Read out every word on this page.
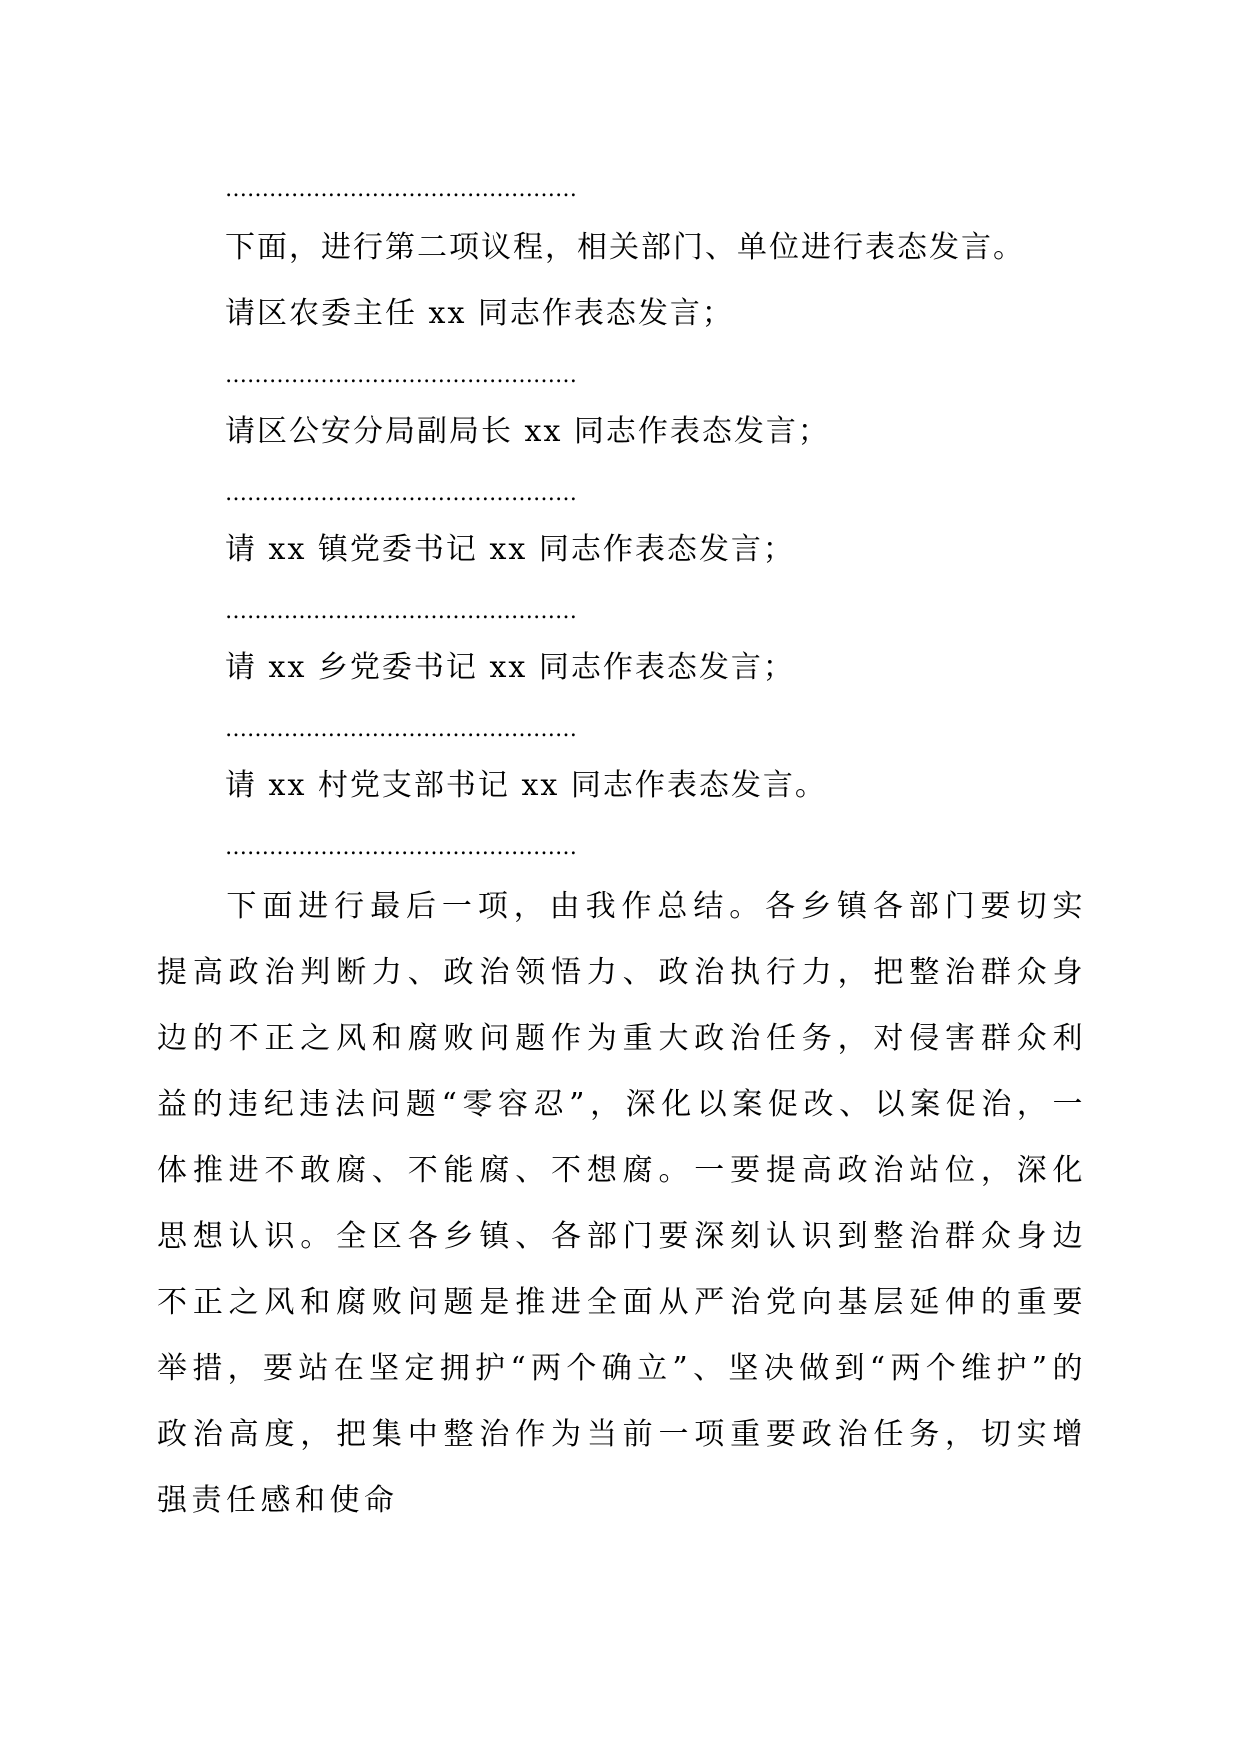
…………………………………………
下面，进行第二项议程，相关部门、单位进行表态发言。
请区农委主任 xx 同志作表态发言；
…………………………………………
请区公安分局副局长 xx 同志作表态发言；
…………………………………………
请 xx 镇党委书记 xx 同志作表态发言；
…………………………………………
请 xx 乡党委书记 xx 同志作表态发言；
…………………………………………
请 xx 村党支部书记 xx 同志作表态发言。
…………………………………………
下面进行最后一项，由我作总结。各乡镇各部门要切实提高政治判断力、政治领悟力、政治执行力，把整治群众身边的不正之风和腐败问题作为重大政治任务，对侵害群众利益的违纪违法问题“零容忍”，深化以案促改、以案促治，一体推进不敢腐、不能腐、不想腐。一要提高政治站位，深化思想认识。全区各乡镇、各部门要深刻认识到整治群众身边不正之风和腐败问题是推进全面从严治党向基层延伸的重要举措，要站在坚定拥护“两个确立”、坚决做到“两个维护”的政治高度，把集中整治作为当前一项重要政治任务，切实增强责任感和使命
